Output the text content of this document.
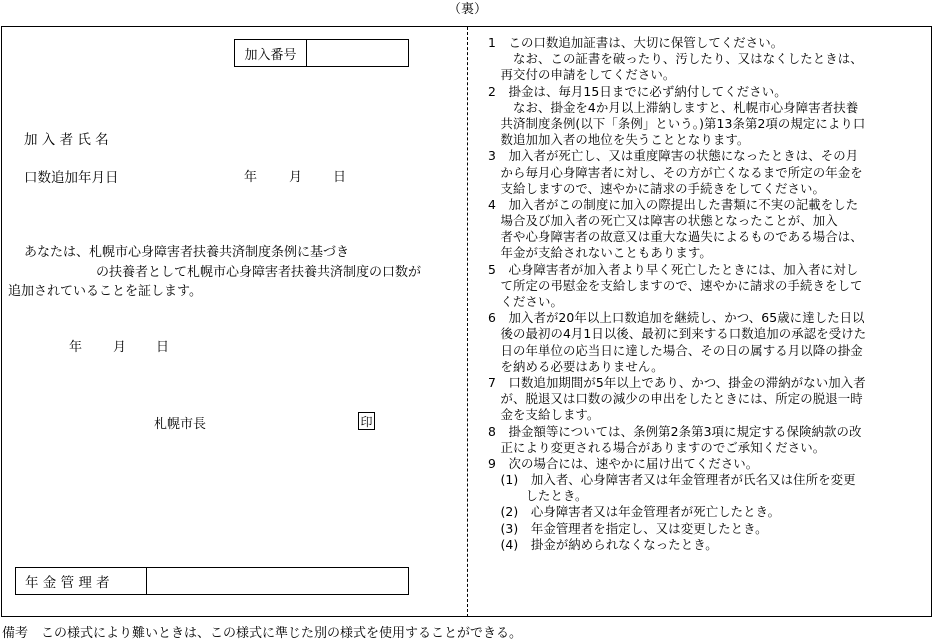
（裏）
加入番号
加 入 者 氏 名
口数追加年月日	年 月 日
あなたは、札幌市心身障害者扶養共済制度条例に基づき
の扶養者として札幌市心身障害者扶養共済制度の口数が
追加されていることを証します。
年 月 日
札幌市長	印
年 金 管 理 者
1　この口数追加証書は、大切に保管してください。
　　なお、この証書を破ったり、汚したり、又はなくしたときは、
　再交付の申請をしてください。
2　掛金は、毎月15日までに必ず納付してください。
　　なお、掛金を4か月以上滞納しますと、札幌市心身障害者扶養
　共済制度条例(以下「条例」という。)第13条第2項の規定により口
　数追加加入者の地位を失うこととなります。
3　加入者が死亡し、又は重度障害の状態になったときは、その月
　から毎月心身障害者に対し、その方が亡くなるまで所定の年金を
　支給しますので、速やかに請求の手続きをしてください。
4　加入者がこの制度に加入の際提出した書類に不実の記載をした
　場合及び加入者の死亡又は障害の状態となったことが、加入
　者や心身障害者の故意又は重大な過失によるものである場合は、
　年金が支給されないこともあります。
5　心身障害者が加入者より早く死亡したときには、加入者に対し
　て所定の弔慰金を支給しますので、速やかに請求の手続きをして
　ください。
6　加入者が20年以上口数追加を継続し、かつ、65歳に達した日以
　後の最初の4月1日以後、最初に到来する口数追加の承認を受けた
　日の年単位の応当日に達した場合、その日の属する月以降の掛金
　を納める必要はありません。
7　口数追加期間が5年以上であり、かつ、掛金の滞納がない加入者
　が、脱退又は口数の減少の申出をしたときには、所定の脱退一時
　金を支給します。
8　掛金額等については、条例第2条第3項に規定する保険納款の改
　正により変更される場合がありますのでご承知ください。
9　次の場合には、速やかに届け出てください。
　(1)　加入者、心身障害者又は年金管理者が氏名又は住所を変更
　　　したとき。
　(2)　心身障害者又は年金管理者が死亡したとき。
　(3)　年金管理者を指定し、又は変更したとき。
　(4)　掛金が納められなくなったとき。
備考　この様式により難いときは、この様式に準じた別の様式を使用することができる。
